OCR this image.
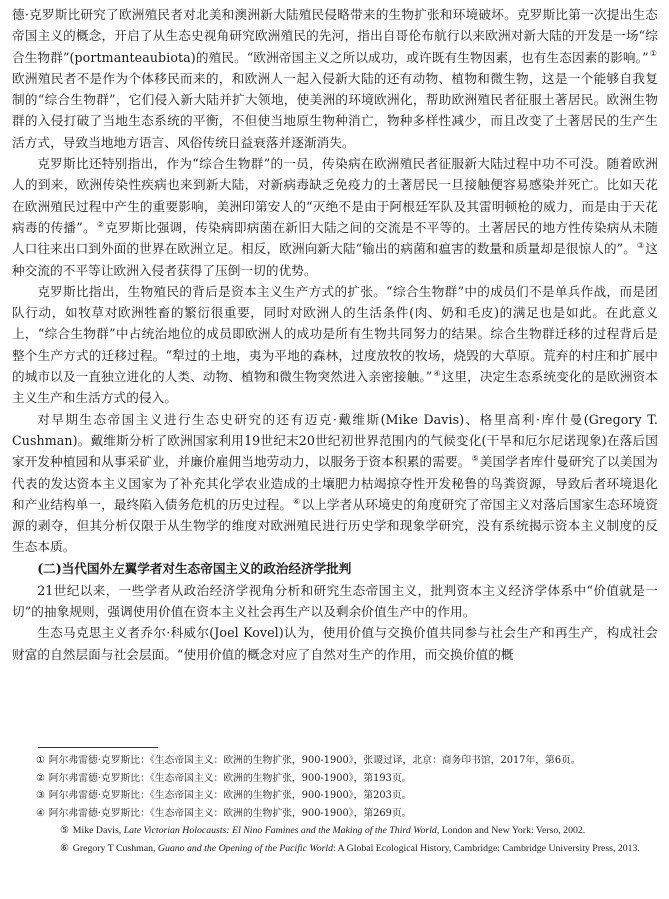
德·克罗斯比研究了欧洲殖民者对北美和澳洲新大陆殖民侵略带来的生物扩张和环境破坏。克罗斯比第一次提出生态帝国主义的概念，开启了从生态史视角研究欧洲殖民的先河，指出自哥伦布航行以来欧洲对新大陆的开发是一场“综合生物群”(portmanteaubiota)的殖民。“欧洲帝国主义之所以成功，或许既有生物因素，也有生态因素的影响。”①欧洲殖民者不是作为个体移民而来的，和欧洲人一起入侵新大陆的还有动物、植物和微生物，这是一个能够自我复制的“综合生物群”，它们侵入新大陆并扩大领地，使美洲的环境欧洲化，帮助欧洲殖民者征服土著居民。欧洲生物群的入侵打破了当地生态系统的平衡，不但使当地原生物种消亡，物种多样性减少，而且改变了土著居民的生产生活方式，导致当地地方语言、风俗传统日益衰落并逐渐消失。

克罗斯比还特别指出，作为“综合生物群”的一员，传染病在欧洲殖民者征服新大陆过程中功不可没。随着欧洲人的到来，欧洲传染性疾病也来到新大陆，对新病毒缺乏免疫力的土著居民一旦接触便容易感染并死亡。比如天花在欧洲殖民过程中产生的重要影响，美洲印第安人的“灭绝不是由于阿根廷军队及其雷明顿枪的威力，而是由于天花病毒的传播”。②克罗斯比强调，传染病即病菌在新旧大陆之间的交流是不平等的。土著居民的地方性传染病从未随人口往来出口到外面的世界在欧洲立足。相反，欧洲向新大陆“输出的病菌和瘟害的数量和质量却是很惊人的”。③这种交流的不平等让欧洲入侵者获得了压倒一切的优势。

克罗斯比指出，生物殖民的背后是资本主义生产方式的扩张。“综合生物群”中的成员们不是单兵作战，而是团队行动，如牧草对欧洲牲畜的繁衍很重要，同时对欧洲人的生活条件(肉、奶和毛皮)的满足也是如此。在此意义上，“综合生物群”中占统治地位的成员即欧洲人的成功是所有生物共同努力的结果。综合生物群迁移的过程背后是整个生产方式的迁移过程。“犁过的土地，夷为平地的森林，过度放牧的牧场，烧毁的大草原。荒弃的村庄和扩展中的城市以及一直独立进化的人类、动物、植物和微生物突然进入亲密接触。”④这里，决定生态系统变化的是欧洲资本主义生产和生活方式的侵入。

对早期生态帝国主义进行生态史研究的还有迈克·戴维斯(Mike Davis)、格里高利·库什曼(Gregory T. Cushman)。戴维斯分析了欧洲国家利用19世纪末20世纪初世界范围内的气候变化(干旱和厄尔尼诺现象)在落后国家开发种植园和从事采矿业，并廉价雇佣当地劳动力，以服务于资本积累的需要。⑤美国学者库什曼研究了以美国为代表的发达资本主义国家为了补充其化学农业造成的土壤肥力枯竭掠夺性开发秘鲁的鸟粪资源，导致后者环境退化和产业结构单一，最终陷入债务危机的历史过程。⑥以上学者从环境史的角度研究了帝国主义对落后国家生态环境资源的剥夺，但其分析仅限于从生物学的维度对欧洲殖民进行历史学和现象学研究，没有系统揭示资本主义制度的反生态本质。

(二)当代国外左翼学者对生态帝国主义的政治经济学批判

21世纪以来，一些学者从政治经济学视角分析和研究生态帝国主义，批判资本主义经济学体系中“价值就是一切”的抽象规则，强调使用价值在资本主义社会再生产以及剩余价值生产中的作用。

生态马克思主义者乔尔·科威尔(Joel Kovel)认为，使用价值与交换价值共同参与社会生产和再生产，构成社会财富的自然层面与社会层面。“使用价值的概念对应了自然对生产的作用，而交换价值的概

① 阿尔弗雷德·克罗斯比：《生态帝国主义：欧洲的生物扩张，900-1900》，张谡过译，北京：商务印书馆，2017年，第6页。

② 阿尔弗雷德·克罗斯比：《生态帝国主义：欧洲的生物扩张，900-1900》，第193页。

③ 阿尔弗雷德·克罗斯比：《生态帝国主义：欧洲的生物扩张，900-1900》，第203页。

④ 阿尔弗雷德·克罗斯比：《生态帝国主义：欧洲的生物扩张，900-1900》，第269页。

⑤ Mike Davis, Late Victorian Holocausts: El Nino Famines and the Making of the Third World, London and New York: Verso, 2002.

⑥ Gregory T Cushman, Guano and the Opening of the Pacific World: A Global Ecological History, Cambridge: Cambridge University Press, 2013.
